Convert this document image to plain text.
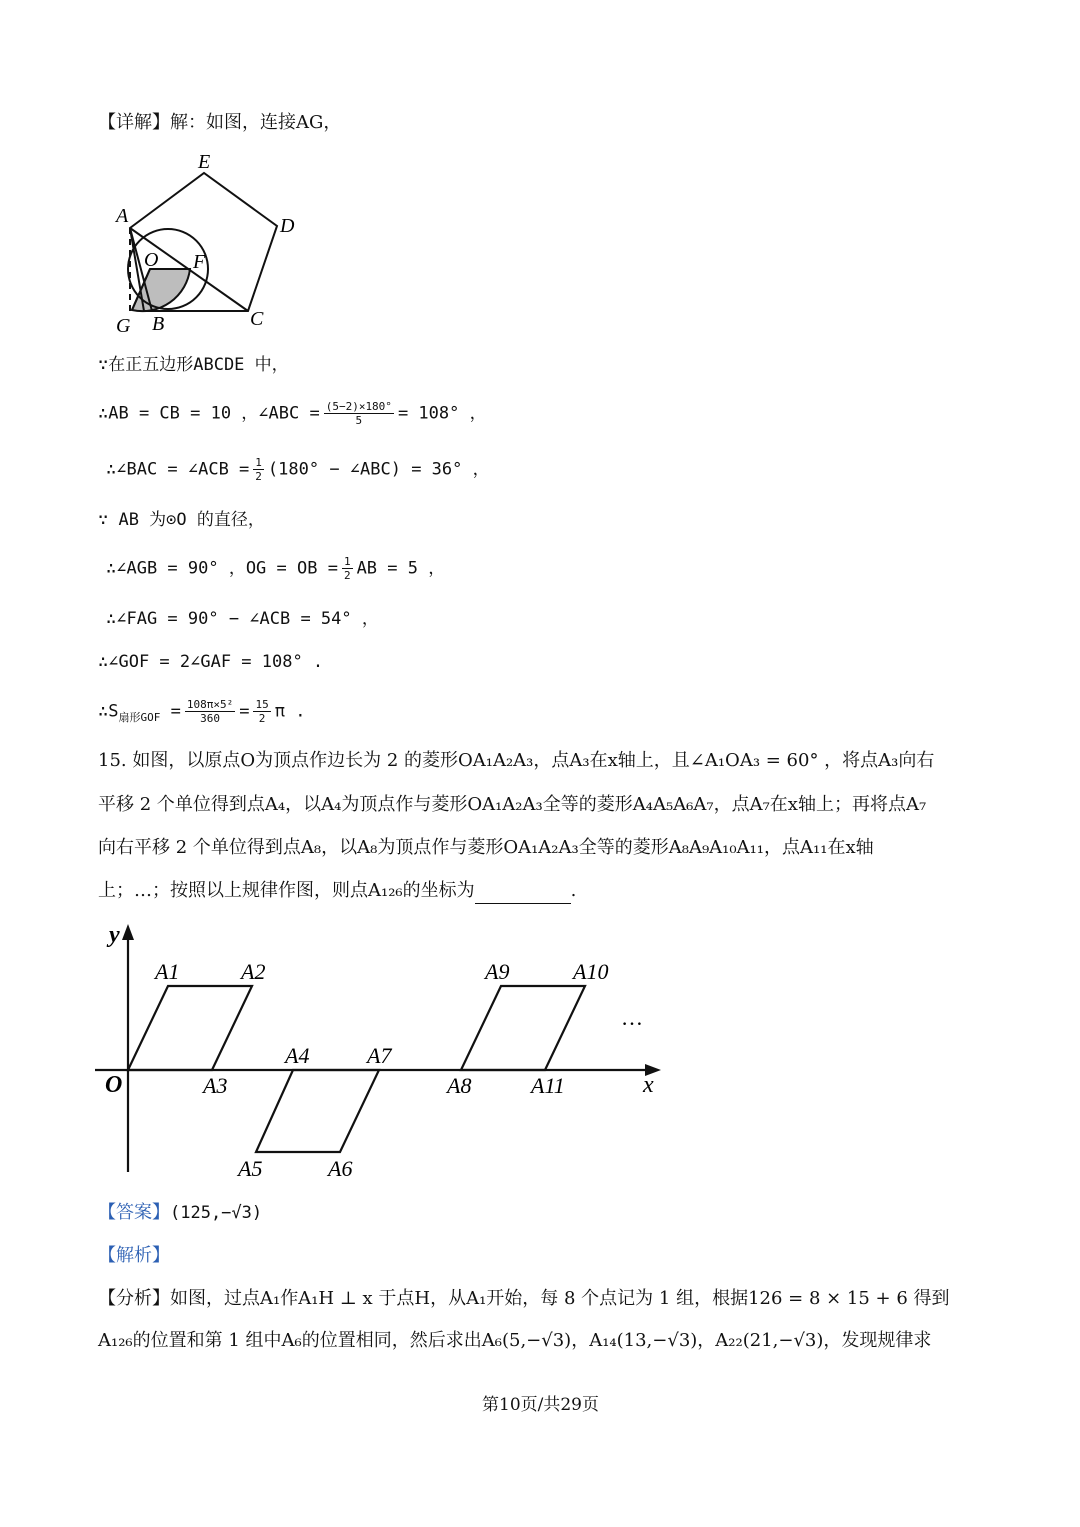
【详解】解：如图，连接AG，
E
A	D
O F
G B	C
∵在正五边形ABCDE 中，
∴AB = CB = 10 ，∠ABC = $\frac{(5-2)\times 180^\circ}{5} = 108^\circ$ ，
∴∠BAC = ∠ACB = $\frac{1}{2} (180^\circ$ − ∠ABC) = 36° ，
∵ AB 为⊙O 的直径，
∴∠AGB = 90° ，OG = OB = $\frac{1}{2}$ AB = 5 ，
∴∠FAG = 90° − ∠ACB = 54° ，
∴∠GOF = 2∠GAF = 108° .
$\therefore S_{扇形GOF} = \frac{\text{108π×5²}}{360} = \frac{15}{2}$ π .
15. 如图，以原点O为顶点作边长为 2 的菱形OA₁A₂A₃，点A₃在x轴上，且∠A₁OA₃ = 60° ，将点A₃向右
平移 2 个单位得到点A₄，以A₄为顶点作与菱形OA₁A₂A₃全等的菱形A₄A₅A₆A₇，点A₇在x轴上；再将点A₇
向右平移 2 个单位得到点A₈，以A₈为顶点作与菱形OA₁A₂A₃全等的菱形A₈A₉A₁₀A₁₁，点A₁₁在x轴
上；…；按照以上规律作图，则点A₁₂₆的坐标为	.
y
x
O
…
A1	A2
A3
A4
A5	A6
A7
A8
A9	A10
A11
【答案】(125,−√3)
【解析】
【分析】如图，过点A₁作A₁H ⊥ x 于点H，从A₁开始，每 8 个点记为 1 组，根据126 = 8 × 15 + 6 得到
A₁₂₆的位置和第 1 组中A₆的位置相同，然后求出A₆(5,−√3)，A₁₄(13,−√3)，A₂₂(21,−√3)，发现规律求
第10页/共29页
